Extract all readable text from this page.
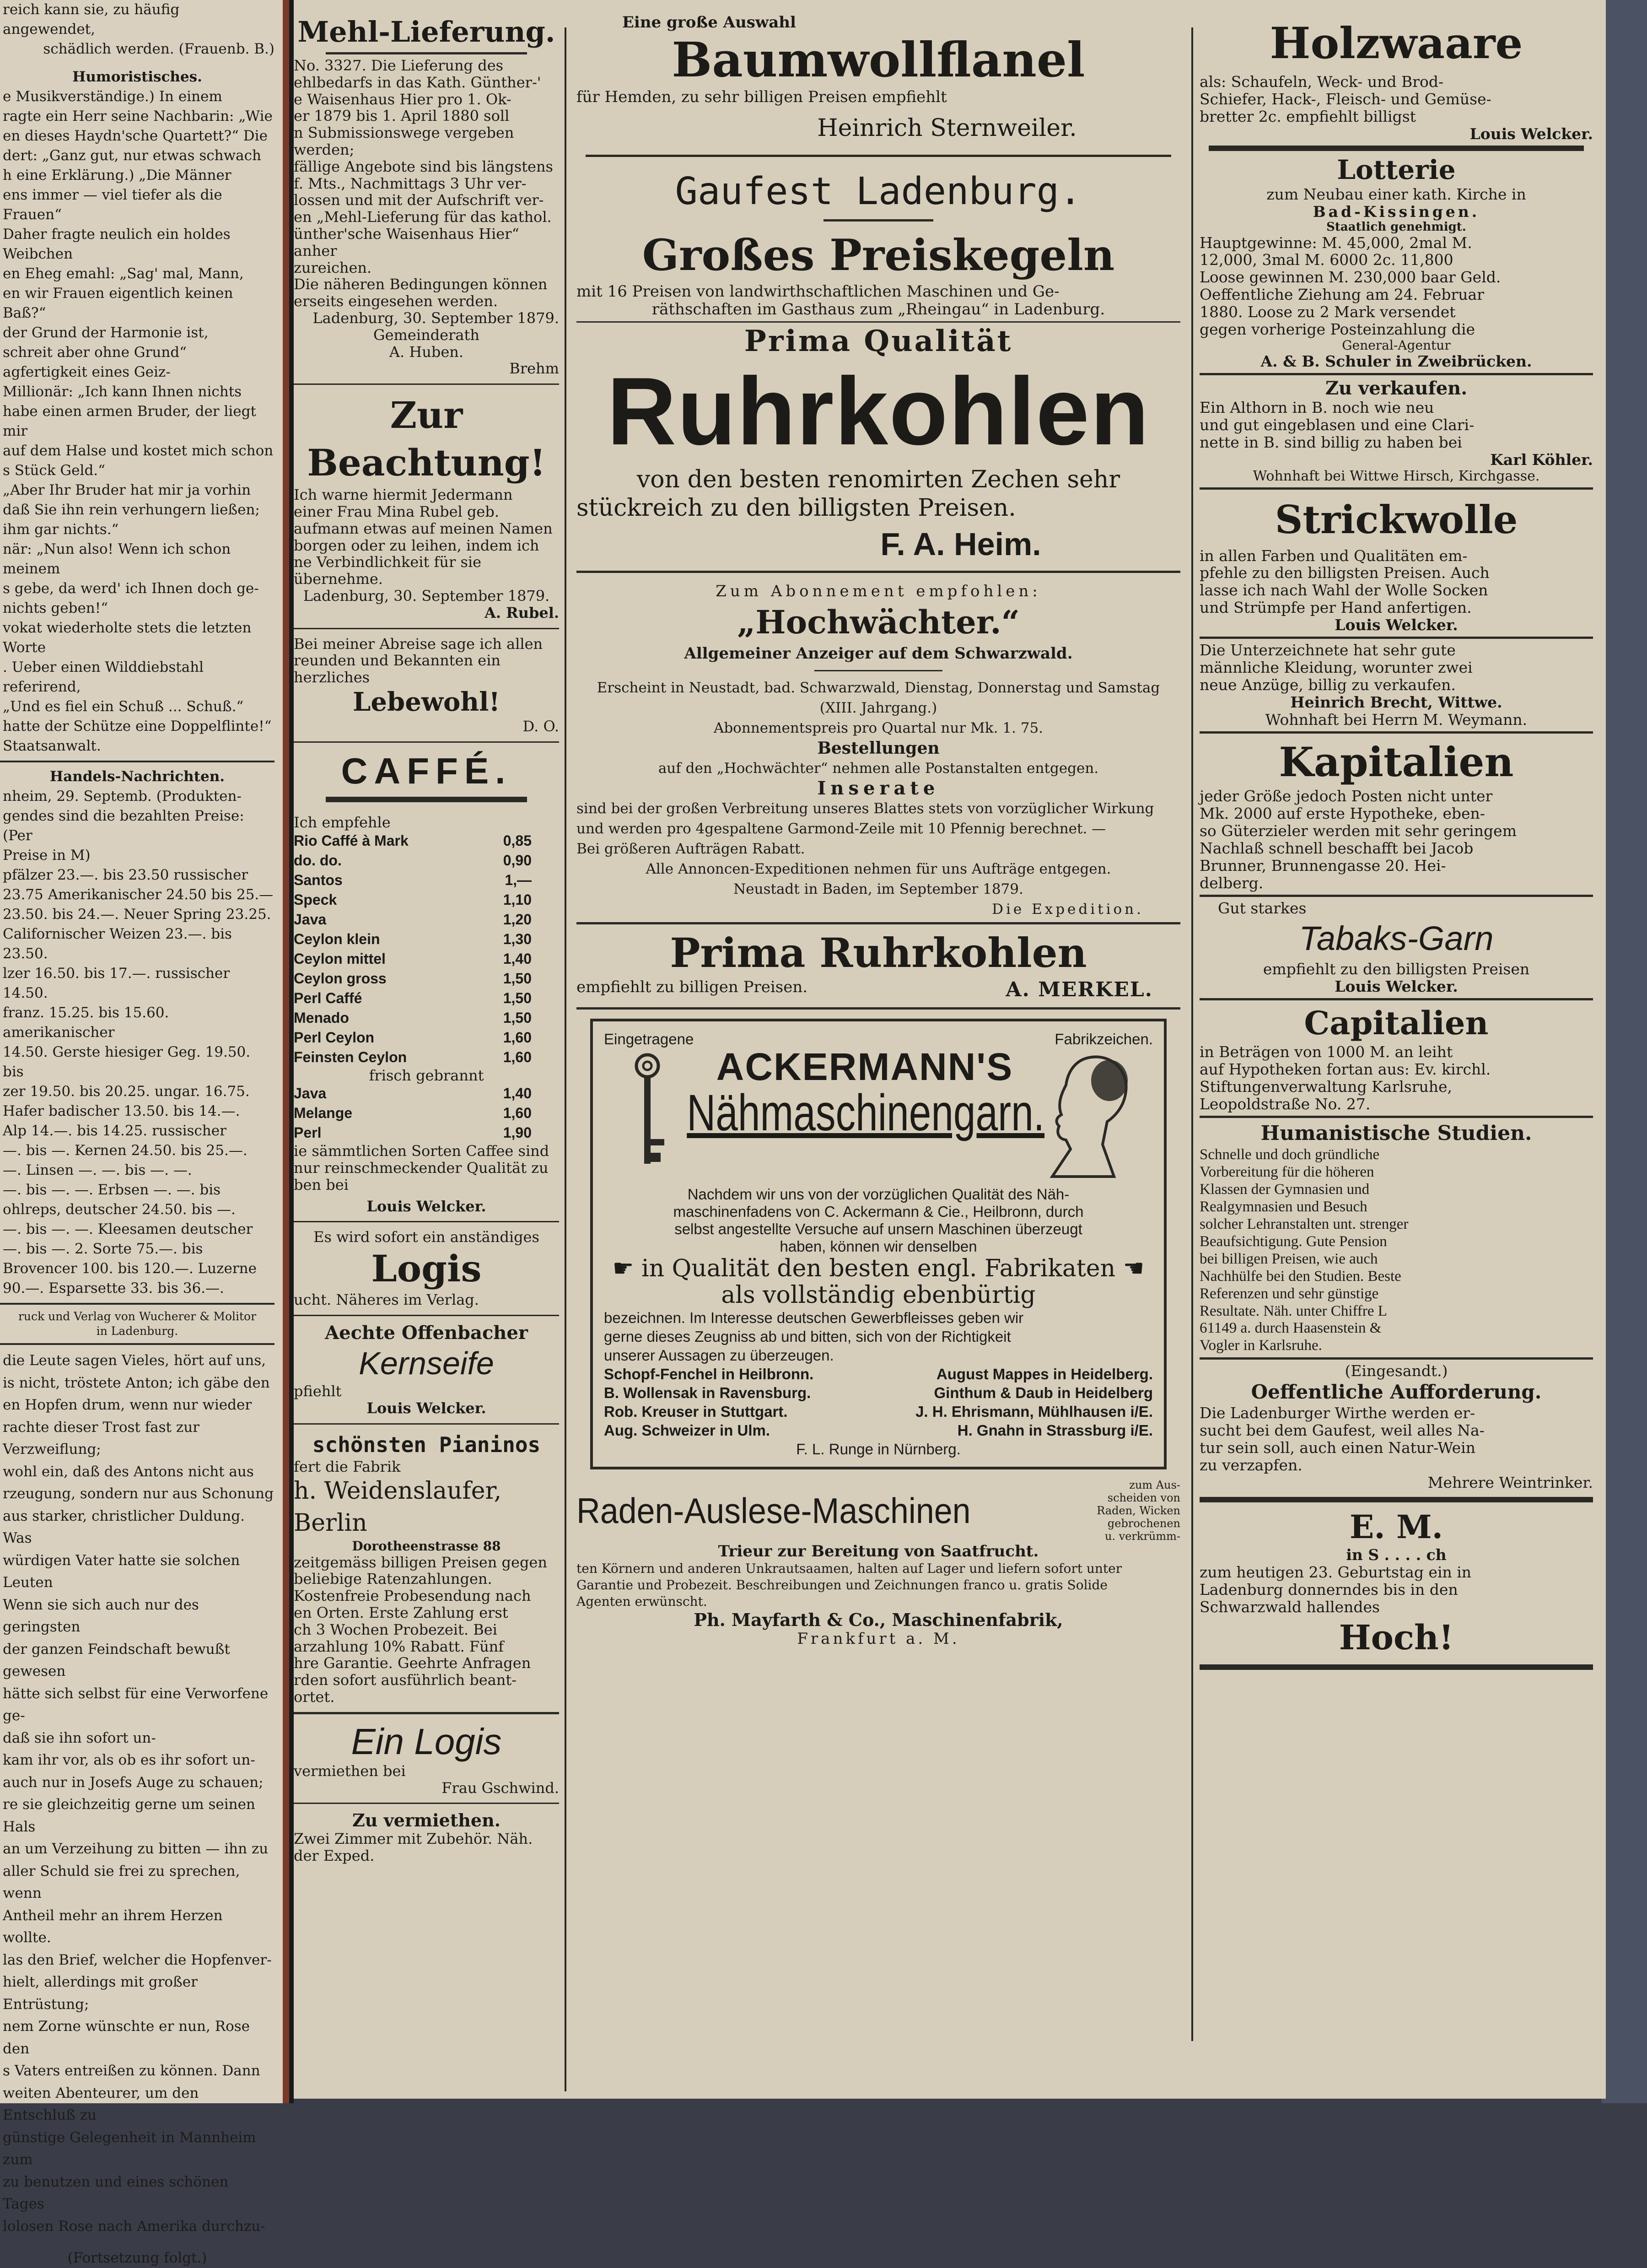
reich kann sie, zu häufig angewendet,
schädlich werden. (Frauenb. B.)
Humoristisches.
e Musikverständige.) In einem
ragte ein Herr seine Nachbarin: „Wie
en dieses Haydn'sche Quartett?“ Die
dert: „Ganz gut, nur etwas schwach
h eine Erklärung.) „Die Männer
ens immer — viel tiefer als die Frauen“
Daher fragte neulich ein holdes Weibchen
en Eheg emahl: „Sag' mal, Mann,
en wir Frauen eigentlich keinen Baß?“
der Grund der Harmonie ist,
schreit aber ohne Grund“
agfertigkeit eines Geiz-
Millionär: „Ich kann Ihnen nichts
habe einen armen Bruder, der liegt mir
auf dem Halse und kostet mich schon
s Stück Geld.“
„Aber Ihr Bruder hat mir ja vorhin
daß Sie ihn rein verhungern ließen;
ihm gar nichts.“
när: „Nun also! Wenn ich schon meinem
s gebe, da werd' ich Ihnen doch ge-
nichts geben!“
vokat wiederholte stets die letzten Worte
. Ueber einen Wilddiebstahl referirend,
„Und es fiel ein Schuß ... Schuß.“
hatte der Schütze eine Doppelflinte!“
Staatsanwalt.
Handels-Nachrichten.
nheim, 29. Septemb. (Produkten-
gendes sind die bezahlten Preise: (Per
Preise in M)
pfälzer 23.—. bis 23.50 russischer
23.75 Amerikanischer 24.50 bis 25.—
23.50. bis 24.—. Neuer Spring 23.25.
Californischer Weizen 23.—. bis 23.50.
lzer 16.50. bis 17.—. russischer 14.50.
franz. 15.25. bis 15.60. amerikanischer
14.50. Gerste hiesiger Geg. 19.50. bis
zer 19.50. bis 20.25. ungar. 16.75.
Hafer badischer 13.50. bis 14.—.
Alp 14.—. bis 14.25. russischer
—. bis —. Kernen 24.50. bis 25.—.
—. Linsen —. —. bis —. —.
—. bis —. —. Erbsen —. —. bis
ohlreps, deutscher 24.50. bis —.
—. bis —. —. Kleesamen deutscher
—. bis —. 2. Sorte 75.—. bis
Brovencer 100. bis 120.—. Luzerne
90.—. Esparsette 33. bis 36.—.
ruck und Verlag von Wucherer & Molitor
in Ladenburg.
die Leute sagen Vieles, hört auf uns,
is nicht, tröstete Anton; ich gäbe den
en Hopfen drum, wenn nur wieder
rachte dieser Trost fast zur Verzweiflung;
wohl ein, daß des Antons nicht aus
rzeugung, sondern nur aus Schonung
aus starker, christlicher Duldung. Was
würdigen Vater hatte sie solchen Leuten
Wenn sie sich auch nur des geringsten
der ganzen Feindschaft bewußt gewesen
hätte sich selbst für eine Verworfene ge-
daß sie ihn sofort un-
kam ihr vor, als ob es ihr sofort un-
auch nur in Josefs Auge zu schauen;
re sie gleichzeitig gerne um seinen Hals
an um Verzeihung zu bitten — ihn zu
aller Schuld sie frei zu sprechen, wenn
Antheil mehr an ihrem Herzen wollte.
las den Brief, welcher die Hopfenver-
hielt, allerdings mit großer Entrüstung;
nem Zorne wünschte er nun, Rose den
s Vaters entreißen zu können. Dann
weiten Abenteurer, um den Entschluß zu
günstige Gelegenheit in Mannheim zum
zu benutzen und eines schönen Tages
lolosen Rose nach Amerika durchzu-
(Fortsetzung folgt.)
Mehl-Lieferung.
No. 3327. Die Lieferung des
ehlbedarfs in das Kath. Günther-'
e Waisenhaus Hier pro 1. Ok-
er 1879 bis 1. April 1880 soll
n Submissionswege vergeben werden;
fällige Angebote sind bis längstens
f. Mts., Nachmittags 3 Uhr ver-
lossen und mit der Aufschrift ver-
en „Mehl-Lieferung für das kathol.
ünther'sche Waisenhaus Hier“ anher
zureichen.
Die näheren Bedingungen können
erseits eingesehen werden.
Ladenburg, 30. September 1879.
Gemeinderath
A. Huben.
Brehm
Zur Beachtung!
Ich warne hiermit Jedermann
einer Frau Mina Rubel geb.
aufmann etwas auf meinen Namen
borgen oder zu leihen, indem ich
ne Verbindlichkeit für sie übernehme.
Ladenburg, 30. September 1879.
A. Rubel.
Bei meiner Abreise sage ich allen
reunden und Bekannten ein herzliches
Lebewohl!
D. O.
CAFFÉ.
Ich empfehle
Rio Caffé à Mark	0,85
do. do.	0,90
Santos	1,—
Speck	1,10
Java	1,20
Ceylon klein	1,30
Ceylon mittel	1,40
Ceylon gross	1,50
Perl Caffé	1,50
Menado	1,50
Perl Ceylon	1,60
Feinsten Ceylon	1,60
frisch gebrannt
Java	1,40
Melange	1,60
Perl	1,90
ie sämmtlichen Sorten Caffee sind
nur reinschmeckender Qualität zu
ben bei
Louis Welcker.
Es wird sofort ein anständiges
Logis
ucht. Näheres im Verlag.
Aechte Offenbacher
Kernseife
pfiehlt
Louis Welcker.
schönsten Pianinos
fert die Fabrik
h. Weidenslaufer, Berlin
Dorotheenstrasse 88
zeitgemäss billigen Preisen gegen
beliebige Ratenzahlungen.
Kostenfreie Probesendung nach
en Orten. Erste Zahlung erst
ch 3 Wochen Probezeit. Bei
arzahlung 10% Rabatt. Fünf
hre Garantie. Geehrte Anfragen
rden sofort ausführlich beant-
ortet.
Ein Logis
vermiethen bei
Frau Gschwind.
Zu vermiethen.
Zwei Zimmer mit Zubehör. Näh.
der Exped.
Eine große Auswahl
Baumwollflanel
für Hemden, zu sehr billigen Preisen empfiehlt
Heinrich Sternweiler.
Gaufest Ladenburg.
Großes Preiskegeln
mit 16 Preisen von landwirthschaftlichen Maschinen und Ge-
räthschaften im Gasthaus zum „Rheingau“ in Ladenburg.
Prima Qualität
Ruhrkohlen
von den besten renomirten Zechen sehr
stückreich zu den billigsten Preisen.
F. A. Heim.
Zum Abonnement empfohlen:
„Hochwächter.“
Allgemeiner Anzeiger auf dem Schwarzwald.
Erscheint in Neustadt, bad. Schwarzwald, Dienstag, Donnerstag und Samstag
(XIII. Jahrgang.)
Abonnementspreis pro Quartal nur Mk. 1. 75.
Bestellungen
auf den „Hochwächter“ nehmen alle Postanstalten entgegen.
Inserate
sind bei der großen Verbreitung unseres Blattes stets von vorzüglicher Wirkung
und werden pro 4gespaltene Garmond-Zeile mit 10 Pfennig berechnet. —
Bei größeren Aufträgen Rabatt.
Alle Annoncen-Expeditionen nehmen für uns Aufträge entgegen.
Neustadt in Baden, im September 1879.
Die Expedition.
Prima Ruhrkohlen
empfiehlt zu billigen Preisen.	A. MERKEL.
Eingetragene	Fabrikzeichen.
ACKERMANN'S
Nähmaschinengarn.
Nachdem wir uns von der vorzüglichen Qualität des Näh-
maschinenfadens von C. Ackermann & Cie., Heilbronn, durch
selbst angestellte Versuche auf unsern Maschinen überzeugt
haben, können wir denselben
☛ in Qualität den besten engl. Fabrikaten ☚
als vollständig ebenbürtig
bezeichnen. Im Interesse deutschen Gewerbfleisses geben wir
gerne dieses Zeugniss ab und bitten, sich von der Richtigkeit
unserer Aussagen zu überzeugen.
Schopf-Fenchel in Heilbronn.	August Mappes in Heidelberg.
B. Wollensak in Ravensburg.	Ginthum & Daub in Heidelberg
Rob. Kreuser in Stuttgart.	J. H. Ehrismann, Mühlhausen i/E.
Aug. Schweizer in Ulm.	H. Gnahn in Strassburg i/E.
F. L. Runge in Nürnberg.
Raden-Auslese-Maschinen
zum Aus-
scheiden von
Raden, Wicken
gebrochenen
u. verkrümm-
Trieur zur Bereitung von Saatfrucht.
ten Körnern und anderen Unkrautsaamen, halten auf Lager und liefern sofort unter
Garantie und Probezeit. Beschreibungen und Zeichnungen franco u. gratis Solide
Agenten erwünscht.
Ph. Mayfarth & Co., Maschinenfabrik,
Frankfurt a. M.
Holzwaare
als: Schaufeln, Weck- und Brod-
Schiefer, Hack-, Fleisch- und Gemüse-
bretter 2c. empfiehlt billigst
Louis Welcker.
Lotterie
zum Neubau einer kath. Kirche in
Bad-Kissingen.
Staatlich genehmigt.
Hauptgewinne: M. 45,000, 2mal M.
12,000, 3mal M. 6000 2c. 11,800
Loose gewinnen M. 230,000 baar Geld.
Oeffentliche Ziehung am 24. Februar
1880. Loose zu 2 Mark versendet
gegen vorherige Posteinzahlung die
General-Agentur
A. & B. Schuler in Zweibrücken.
Zu verkaufen.
Ein Althorn in B. noch wie neu
und gut eingeblasen und eine Clari-
nette in B. sind billig zu haben bei
Karl Köhler.
Wohnhaft bei Wittwe Hirsch, Kirchgasse.
Strickwolle
in allen Farben und Qualitäten em-
pfehle zu den billigsten Preisen. Auch
lasse ich nach Wahl der Wolle Socken
und Strümpfe per Hand anfertigen.
Louis Welcker.
Die Unterzeichnete hat sehr gute
männliche Kleidung, worunter zwei
neue Anzüge, billig zu verkaufen.
Heinrich Brecht, Wittwe.
Wohnhaft bei Herrn M. Weymann.
Kapitalien
jeder Größe jedoch Posten nicht unter
Mk. 2000 auf erste Hypotheke, eben-
so Güterzieler werden mit sehr geringem
Nachlaß schnell beschafft bei Jacob
Brunner, Brunnengasse 20. Hei-
delberg.
Gut starkes
Tabaks-Garn
empfiehlt zu den billigsten Preisen
Louis Welcker.
Capitalien
in Beträgen von 1000 M. an leiht
auf Hypotheken fortan aus: Ev. kirchl.
Stiftungenverwaltung Karlsruhe,
Leopoldstraße No. 27.
Humanistische Studien.
Schnelle und doch gründliche
Vorbereitung für die höheren
Klassen der Gymnasien und
Realgymnasien und Besuch
solcher Lehranstalten unt. strenger
Beaufsichtigung. Gute Pension
bei billigen Preisen, wie auch
Nachhülfe bei den Studien. Beste
Referenzen und sehr günstige
Resultate. Näh. unter Chiffre L
61149 a. durch Haasenstein &
Vogler in Karlsruhe.
(Eingesandt.)
Oeffentliche Aufforderung.
Die Ladenburger Wirthe werden er-
sucht bei dem Gaufest, weil alles Na-
tur sein soll, auch einen Natur-Wein
zu verzapfen.
Mehrere Weintrinker.
E. M.
in S . . . . ch
zum heutigen 23. Geburtstag ein in
Ladenburg donnerndes bis in den
Schwarzwald hallendes
Hoch!
